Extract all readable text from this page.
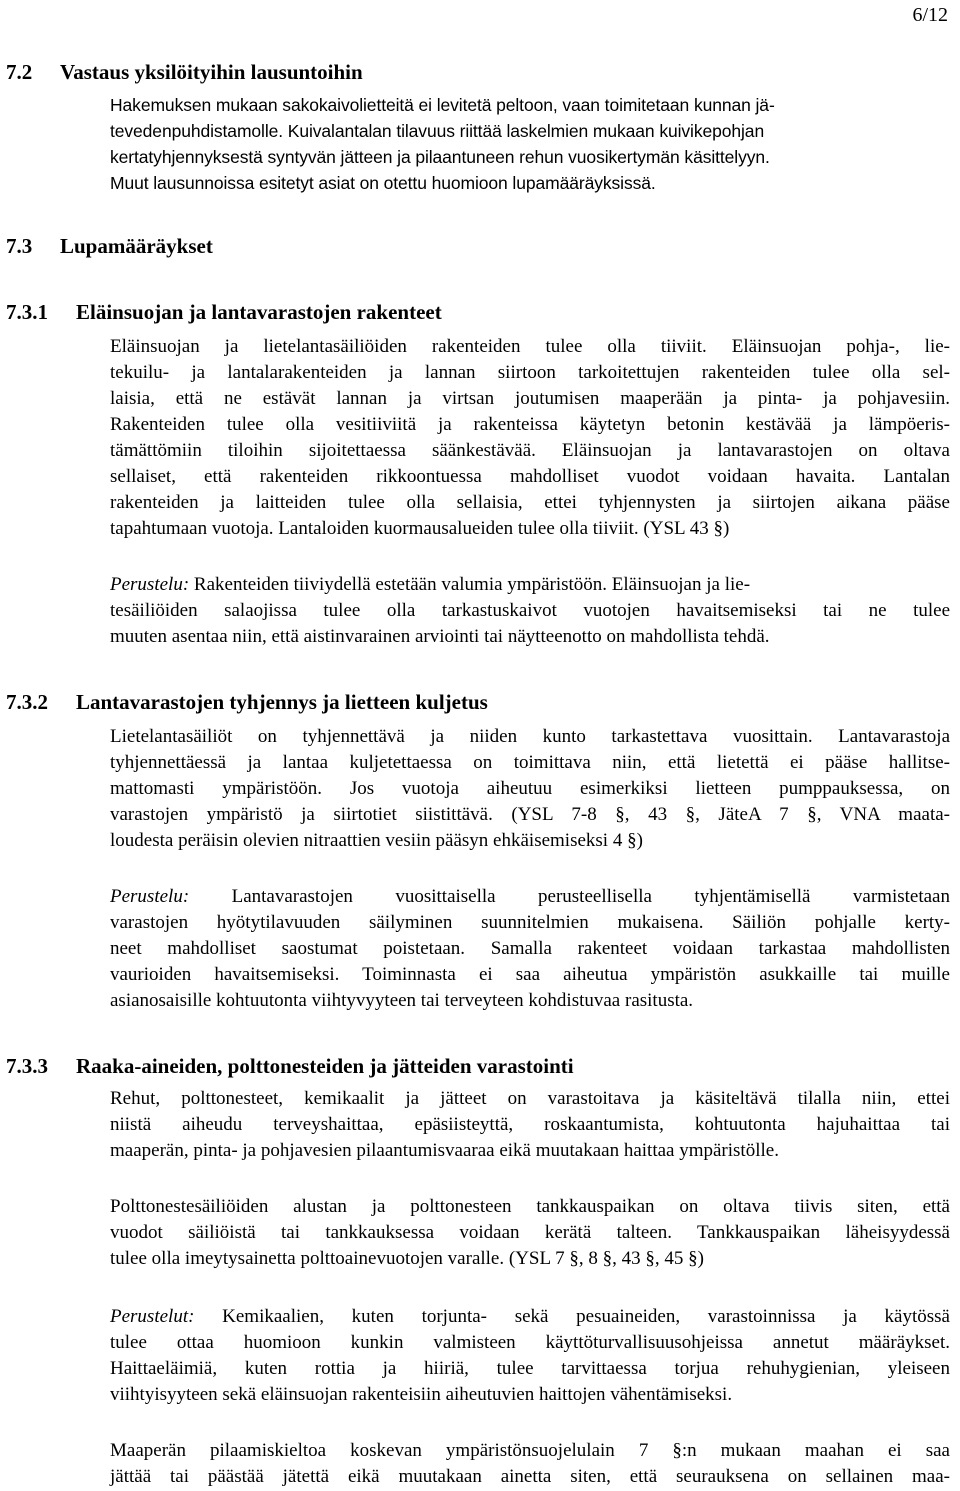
6/12
7.2 Vastaus yksilöityihin lausuntoihin
Hakemuksen mukaan sakokaivolietteitä ei levitetä peltoon, vaan toimitetaan kunnan jä-
tevedenpuhdistamolle. Kuivalantalan tilavuus riittää laskelmien mukaan kuivikepohjan
kertatyhjennyksestä syntyvän jätteen ja pilaantuneen rehun vuosikertymän käsittelyyn.
Muut lausunnoissa esitetyt asiat on otettu huomioon lupamääräyksissä.
7.3 Lupamääräykset
7.3.1 Eläinsuojan ja lantavarastojen rakenteet
Eläinsuojan ja lietelantasäiliöiden rakenteiden tulee olla tiiviit. Eläinsuojan pohja-, lie-
tekuilu- ja lantalarakenteiden ja lannan siirtoon tarkoitettujen rakenteiden tulee olla sel-
laisia, että ne estävät lannan ja virtsan joutumisen maaperään ja pinta- ja pohjavesiin.
Rakenteiden tulee olla vesitiiviitä ja rakenteissa käytetyn betonin kestävää ja lämpöeris-
tämättömiin tiloihin sijoitettaessa säänkestävää. Eläinsuojan ja lantavarastojen on oltava
sellaiset, että rakenteiden rikkoontuessa mahdolliset vuodot voidaan havaita. Lantalan
rakenteiden ja laitteiden tulee olla sellaisia, ettei tyhjennysten ja siirtojen aikana pääse
tapahtumaan vuotoja. Lantaloiden kuormausalueiden tulee olla tiiviit. (YSL 43 §)
Perustelu: Rakenteiden tiiviydellä estetään valumia ympäristöön. Eläinsuojan ja lie-
tesäiliöiden salaojissa tulee olla tarkastuskaivot vuotojen havaitsemiseksi tai ne tulee
muuten asentaa niin, että aistinvarainen arviointi tai näytteenotto on mahdollista tehdä.
7.3.2 Lantavarastojen tyhjennys ja lietteen kuljetus
Lietelantasäiliöt on tyhjennettävä ja niiden kunto tarkastettava vuosittain. Lantavarastoja
tyhjennettäessä ja lantaa kuljetettaessa on toimittava niin, että lietettä ei pääse hallitse-
mattomasti ympäristöön. Jos vuotoja aiheutuu esimerkiksi lietteen pumppauksessa, on
varastojen ympäristö ja siirtotiet siistittävä. (YSL 7-8 §, 43 §, JäteA 7 §, VNA maata-
loudesta peräisin olevien nitraattien vesiin pääsyn ehkäisemiseksi 4 §)
Perustelu: Lantavarastojen vuosittaisella perusteellisella tyhjentämisellä varmistetaan
varastojen hyötytilavuuden säilyminen suunnitelmien mukaisena. Säiliön pohjalle kerty-
neet mahdolliset saostumat poistetaan. Samalla rakenteet voidaan tarkastaa mahdollisten
vaurioiden havaitsemiseksi. Toiminnasta ei saa aiheutua ympäristön asukkaille tai muille
asianosaisille kohtuutonta viihtyvyyteen tai terveyteen kohdistuvaa rasitusta.
7.3.3 Raaka-aineiden, polttonesteiden ja jätteiden varastointi
Rehut, polttonesteet, kemikaalit ja jätteet on varastoitava ja käsiteltävä tilalla niin, ettei
niistä aiheudu terveyshaittaa, epäsiisteyttä, roskaantumista, kohtuutonta hajuhaittaa tai
maaperän, pinta- ja pohjavesien pilaantumisvaaraa eikä muutakaan haittaa ympäristölle.
Polttonestesäiliöiden alustan ja polttonesteen tankkauspaikan on oltava tiivis siten, että
vuodot säiliöistä tai tankkauksessa voidaan kerätä talteen. Tankkauspaikan läheisyydessä
tulee olla imeytysainetta polttoainevuotojen varalle. (YSL 7 §, 8 §, 43 §, 45 §)
Perustelut: Kemikaalien, kuten torjunta- sekä pesuaineiden, varastoinnissa ja käytössä
tulee ottaa huomioon kunkin valmisteen käyttöturvallisuusohjeissa annetut määräykset.
Haittaeläimiä, kuten rottia ja hiiriä, tulee tarvittaessa torjua rehuhygienian, yleiseen
viihtyisyyteen sekä eläinsuojan rakenteisiin aiheutuvien haittojen vähentämiseksi.
Maaperän pilaamiskieltoa koskevan ympäristönsuojelulain 7 §:n mukaan maahan ei saa
jättää tai päästää jätettä eikä muutakaan ainetta siten, että seurauksena on sellainen maa-
